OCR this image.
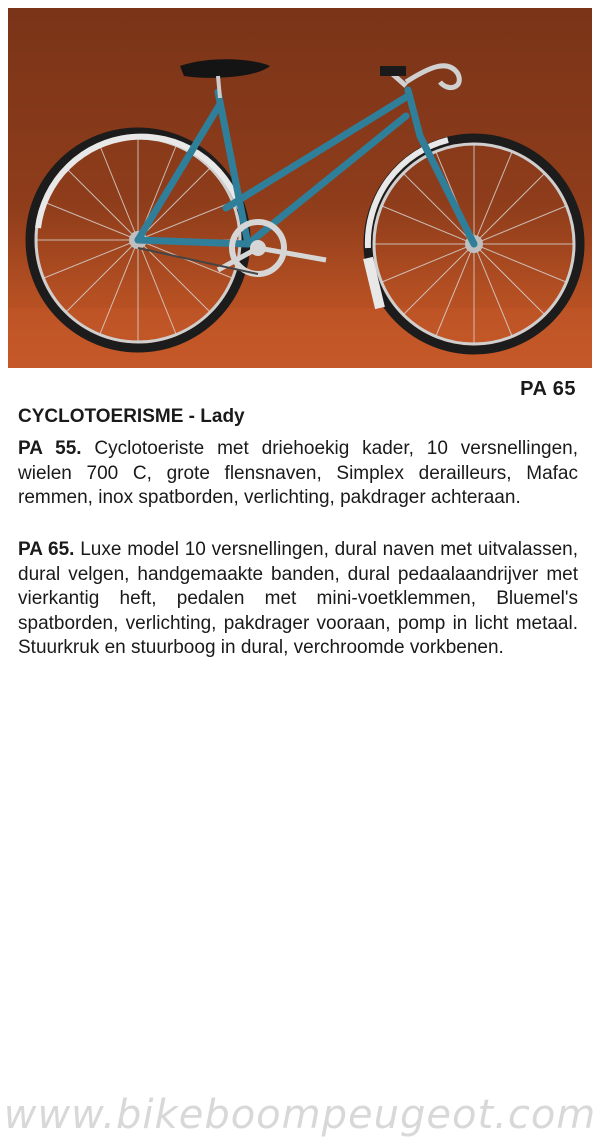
PA 65
CYCLOTOERISME - Lady
PA 55. Cyclotoeriste met driehoekig kader, 10 versnellingen, wielen 700 C, grote flensnaven, Simplex derailleurs, Mafac remmen, inox spatborden, verlichting, pakdrager achteraan.
PA 65. Luxe model 10 versnellingen, dural naven met uitvalassen, dural velgen, handgemaakte banden, dural pedaalaandrijver met vierkantig heft, pedalen met mini-voetklemmen, Bluemel's spatborden, verlichting, pakdrager vooraan, pomp in licht metaal. Stuurkruk en stuurboog in dural, verchroomde vorkbenen.
www.bikeboompeugeot.com
